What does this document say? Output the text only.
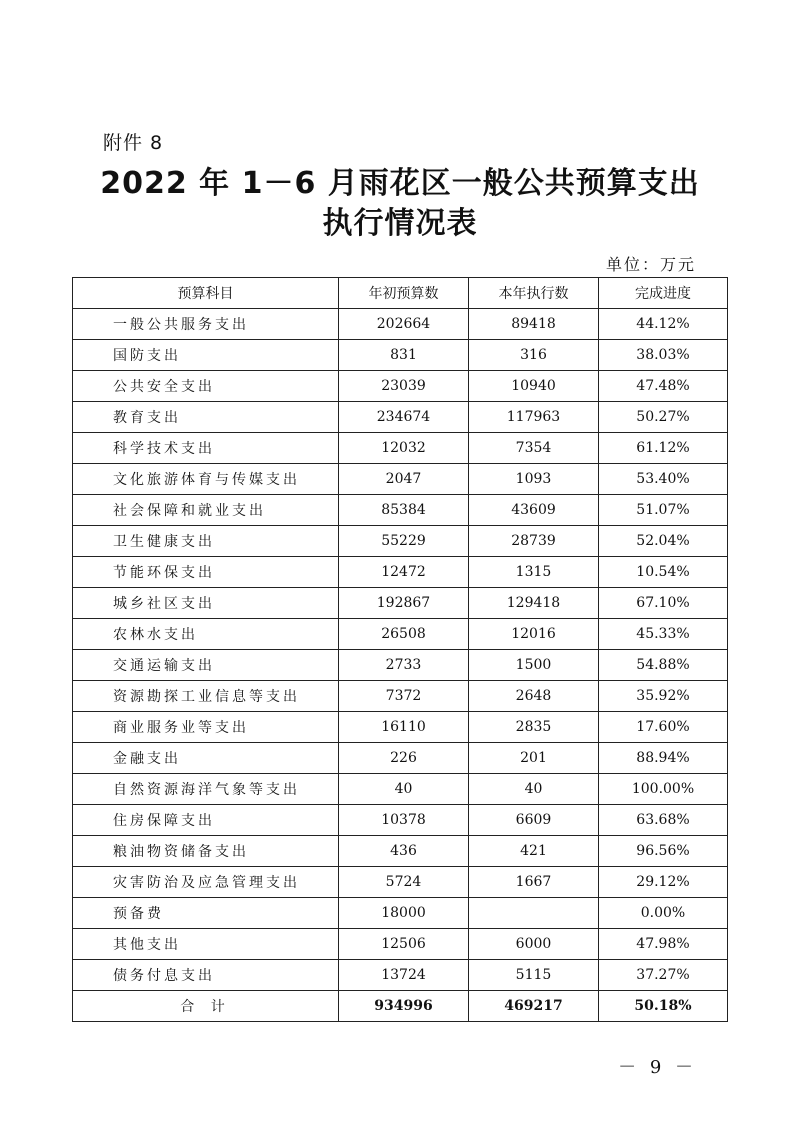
附件 8
2022 年 1－6 月雨花区一般公共预算支出
执行情况表
单位：万元
预算科目	年初预算数	本年执行数	完成进度
一般公共服务支出	202664	89418	44.12%
国防支出	831	316	38.03%
公共安全支出	23039	10940	47.48%
教育支出	234674	117963	50.27%
科学技术支出	12032	7354	61.12%
文化旅游体育与传媒支出	2047	1093	53.40%
社会保障和就业支出	85384	43609	51.07%
卫生健康支出	55229	28739	52.04%
节能环保支出	12472	1315	10.54%
城乡社区支出	192867	129418	67.10%
农林水支出	26508	12016	45.33%
交通运输支出	2733	1500	54.88%
资源勘探工业信息等支出	7372	2648	35.92%
商业服务业等支出	16110	2835	17.60%
金融支出	226	201	88.94%
自然资源海洋气象等支出	40	40	100.00%
住房保障支出	10378	6609	63.68%
粮油物资储备支出	436	421	96.56%
灾害防治及应急管理支出	5724	1667	29.12%
预备费	18000		0.00%
其他支出	12506	6000	47.98%
债务付息支出	13724	5115	37.27%
合 计	934996	469217	50.18%
－ 9 －
